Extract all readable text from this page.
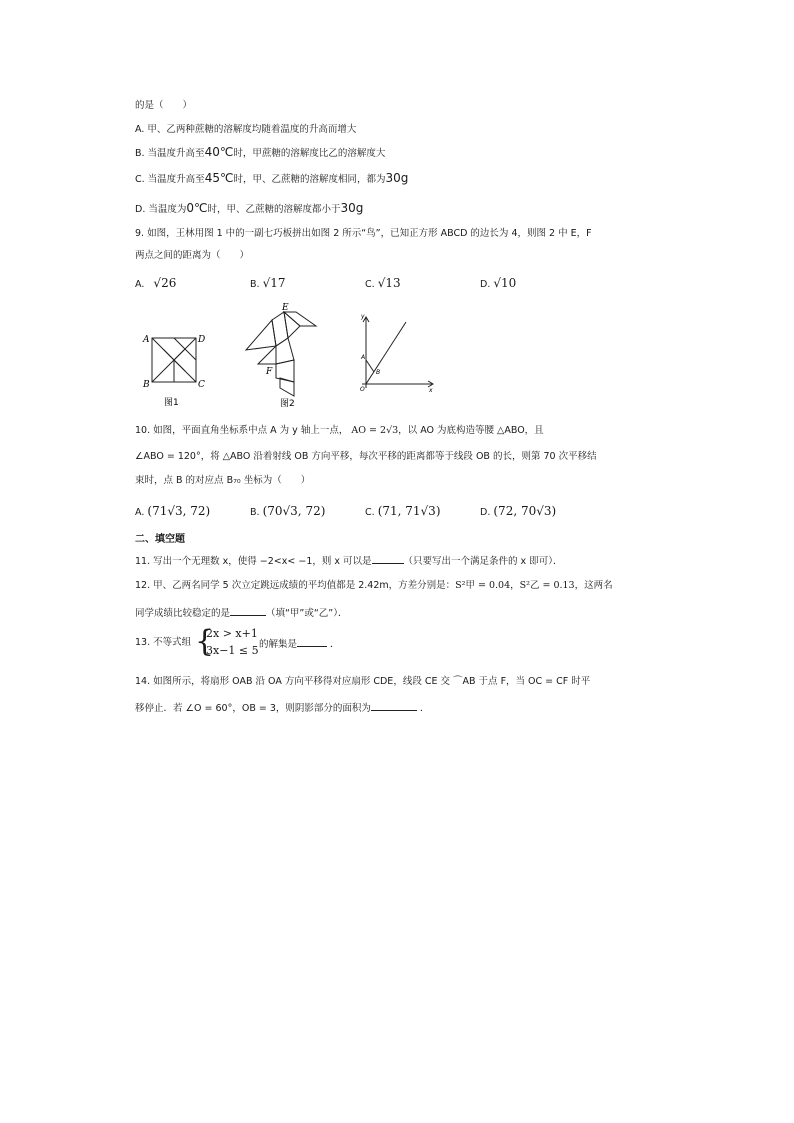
的是（　　）
A. 甲、乙两种蔗糖的溶解度均随着温度的升高而增大
B. 当温度升高至40℃时，甲蔗糖的溶解度比乙的溶解度大
C. 当温度升高至45℃时，甲、乙蔗糖的溶解度相同，都为30g
D. 当温度为0℃时，甲、乙蔗糖的溶解度都小于30g
9. 如图，王林用图 1 中的一副七巧板拼出如图 2 所示“鸟”，已知正方形 ABCD 的边长为 4，则图 2 中 E，F
两点之间的距离为（　　）
A. √26	B. √17	C. √13	D. √10
A	D
B	C
图1
E
F
图2
y
x
O
A
B
10. 如图，平面直角坐标系中点 A 为 y 轴上一点， AO = 2√3，以 AO 为底构造等腰 △ABO，且
∠ABO = 120°，将 △ABO 沿着射线 OB 方向平移，每次平移的距离都等于线段 OB 的长，则第 70 次平移结
束时，点 B 的对应点 B₇₀ 坐标为（　　）
A. (71√3, 72)	B. (70√3, 72)	C. (71, 71√3)	D. (72, 70√3)
二、填空题
11. 写出一个无理数 x，使得 −2<x< −1，则 x 可以是	（只要写出一个满足条件的 x 即可）．
12. 甲、乙两名同学 5 次立定跳远成绩的平均值都是 2.42m，方差分别是：S²甲 = 0.04，S²乙 = 0.13，这两名
同学成绩比较稳定的是	（填“甲”或“乙”）．
13. 不等式组 {
2x > x+1
3x−1 ≤ 5 的解集是	．
14. 如图所示，将扇形 OAB 沿 OA 方向平移得对应扇形 CDE，线段 CE 交 ⌒AB 于点 F，当 OC = CF 时平
移停止．若 ∠O = 60°，OB = 3，则阴影部分的面积为	．
